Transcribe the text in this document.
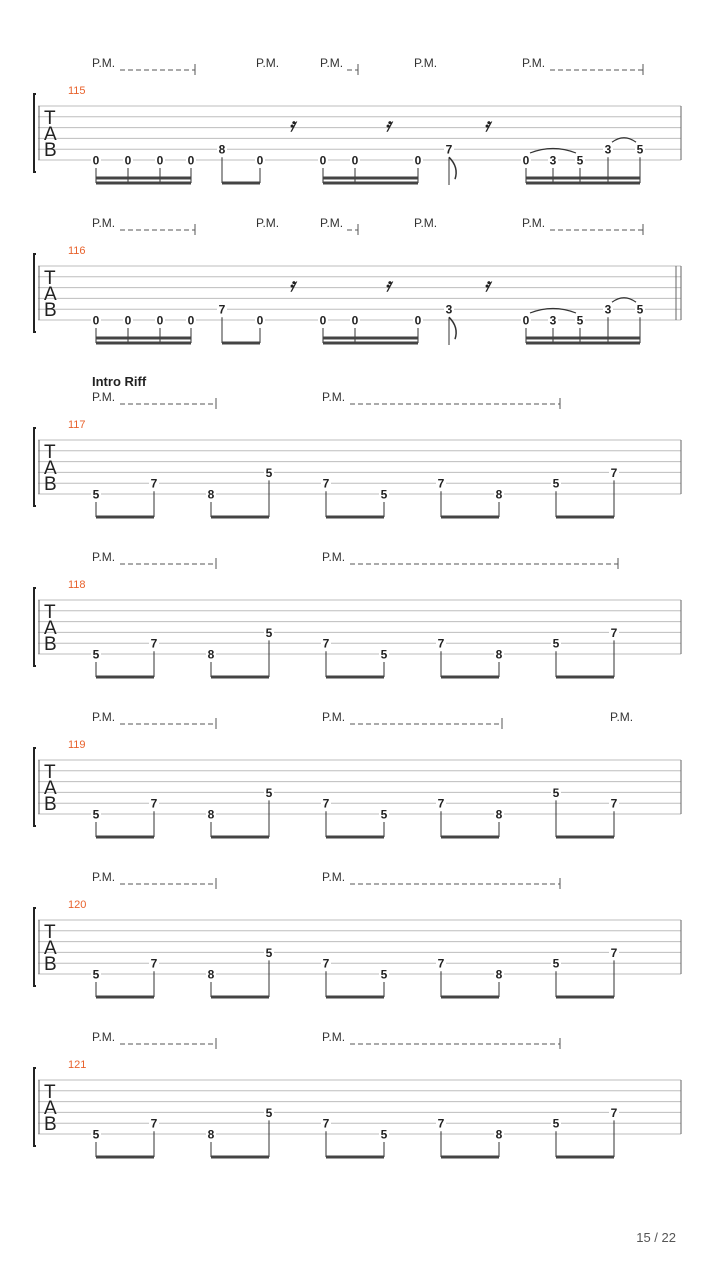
P.M.	P.M.	P.M.	P.M.	P.M.
115
T
A
B
𝄿	𝄿	𝄿
0 0 0 0
8
0	0 0	0
7
0 3 5
3 5
P.M.	P.M.	P.M.	P.M.	P.M.
116
T
A
B
𝄿	𝄿	𝄿
0 0 0 0
7
0	0 0	0
3
0 3 5
3 5
Intro Riff
P.M.	P.M.
117
T
A
B	5
7
8
5
7
5
7
8
5
7
P.M.	P.M.
118
T
A
B	5
7
8
5
7
5
7
8
5
7
P.M.	P.M.	P.M.
119
T
A
B	5
7
8
5
7
5
7
8
5
7
P.M.	P.M.
120
T
A
B	5
7
8
5
7
5
7
8
5
7
P.M.	P.M.
121
T
A
B	5
7
8
5
7
5
7
8
5
7
15 / 22
